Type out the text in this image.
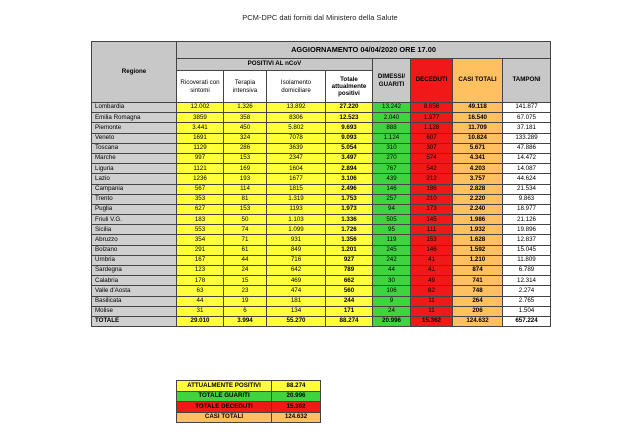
PCM-DPC dati forniti dal Ministero della Salute
Regione	AGGIORNAMENTO 04/04/2020 ORE 17.00							
	POSITIVI AL nCoV				DIMESSI/ GUARITI	DECEDUTI	CASI TOTALI	TAMPONI
	Ricoverati con sintomi	Terapia intensiva	Isolamento domiciliare	Totale attualmente positivi				
Lombardia	12.002	1.326	13.892	27.220	13.242	8.656	49.118	141.877
Emilia Romagna	3859	358	8306	12.523	2.040	1.977	16.540	67.075
Piemonte	3.441	450	5.802	9.693	888	1.128	11.709	37.181
Veneto	1691	324	7078	9.093	1.124	607	10.824	133.289
Toscana	1129	286	3639	5.054	310	307	5.671	47.886
Marche	997	153	2347	3.497	270	574	4.341	14.472
Liguria	1121	169	1604	2.894	767	542	4.203	14.087
Lazio	1236	193	1677	3.106	439	212	3.757	44.624
Campania	567	114	1815	2.496	146	186	2.828	21.534
Trento	353	81	1.319	1.753	257	210	2.220	9.863
Puglia	627	153	1193	1.973	94	173	2.240	18.977
Friuli V.G.	183	50	1.103	1.336	505	145	1.986	21.126
Sicilia	553	74	1.099	1.726	95	111	1.932	19.896
Abruzzo	354	71	931	1.356	119	153	1.628	12.837
Bolzano	291	61	849	1.201	245	146	1.592	15.045
Umbria	167	44	716	927	242	41	1.210	11.809
Sardegna	123	24	642	789	44	41	874	6.789
Calabria	178	15	469	662	30	49	741	12.314
Valle d'Aosta	63	23	474	560	106	82	748	2.274
Basilicata	44	19	181	244	9	11	264	2.765
Molise	31	6	134	171	24	11	206	1.504
TOTALE	29.010	3.994	55.270	88.274	20.996	15.362	124.632	657.224
ATTUALMENTE POSITIVI	88.274
TOTALE GUARITI	20.996
TOTALE DECEDUTI	15.362
CASI TOTALI	124.632
